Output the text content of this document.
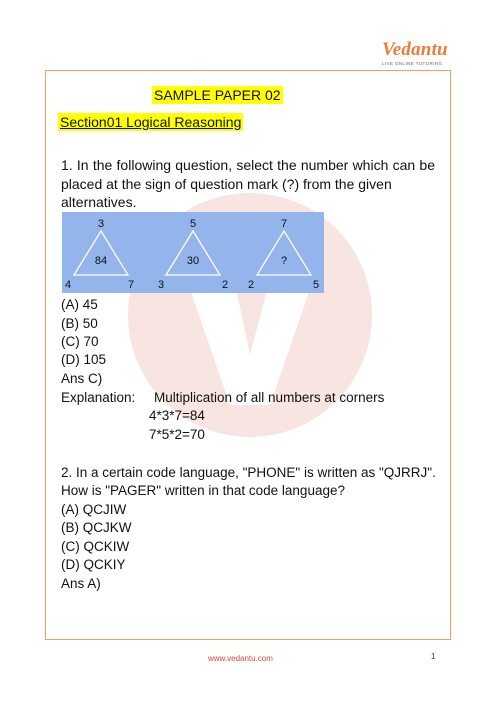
Vedantu
LIVE ONLINE TUTORING
SAMPLE PAPER 02
Section01 Logical Reasoning
1. In the following question, select the number which can be placed at the sign of question mark (?) from the given
alternatives.
3
84
4	7
5
30
3	2
7
?
2	5
(A) 45
(B) 50
(C) 70
(D) 105
Ans C)
Explanation: Multiplication of all numbers at corners
4*3*7=84
7*5*2=70
2. In a certain code language, "PHONE" is written as "QJRRJ".
How is "PAGER" written in that code language?
(A) QCJIW
(B) QCJKW
(C) QCKIW
(D) QCKIY
Ans A)
www.vedantu.com	1
